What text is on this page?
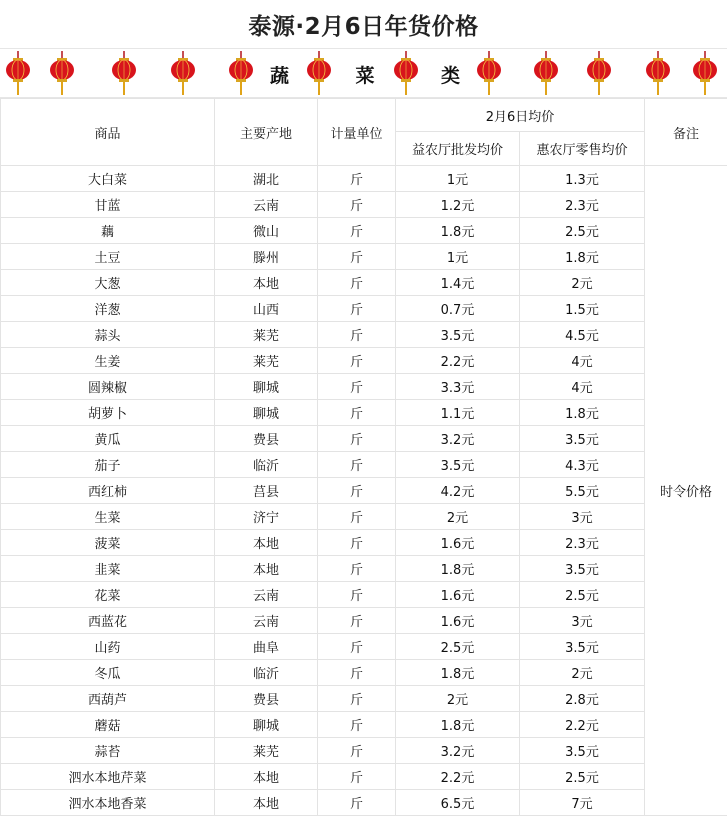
泰源·2月6日年货价格
蔬	菜	类
商品	主要产地	计量单位	2月6日均价		备注
			益农厅批发均价	惠农厅零售均价	
大白菜	湖北	斤	1元	1.3元	时令价格
甘蓝	云南	斤	1.2元	2.3元	
藕	微山	斤	1.8元	2.5元	
土豆	滕州	斤	1元	1.8元	
大葱	本地	斤	1.4元	2元	
洋葱	山西	斤	0.7元	1.5元	
蒜头	莱芜	斤	3.5元	4.5元	
生姜	莱芜	斤	2.2元	4元	
圆辣椒	聊城	斤	3.3元	4元	
胡萝卜	聊城	斤	1.1元	1.8元	
黄瓜	费县	斤	3.2元	3.5元	
茄子	临沂	斤	3.5元	4.3元	
西红柿	莒县	斤	4.2元	5.5元	
生菜	济宁	斤	2元	3元	
菠菜	本地	斤	1.6元	2.3元	
韭菜	本地	斤	1.8元	3.5元	
花菜	云南	斤	1.6元	2.5元	
西蓝花	云南	斤	1.6元	3元	
山药	曲阜	斤	2.5元	3.5元	
冬瓜	临沂	斤	1.8元	2元	
西葫芦	费县	斤	2元	2.8元	
蘑菇	聊城	斤	1.8元	2.2元	
蒜苔	莱芜	斤	3.2元	3.5元	
泗水本地芹菜	本地	斤	2.2元	2.5元	
泗水本地香菜	本地	斤	6.5元	7元	
